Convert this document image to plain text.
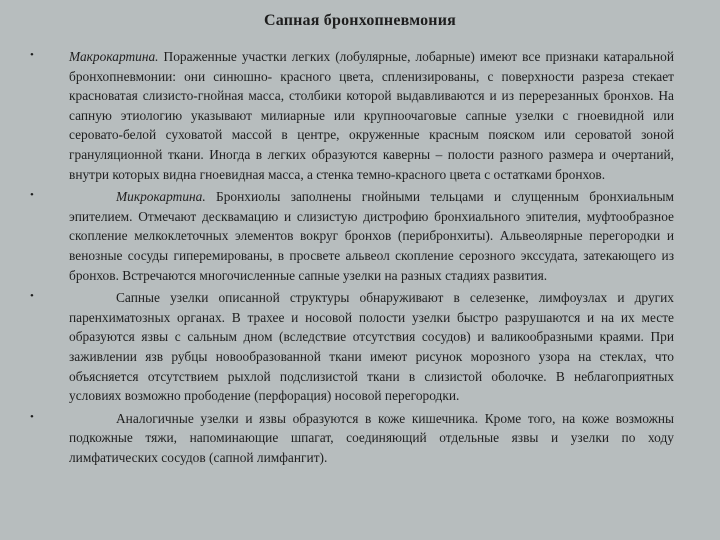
Сапная бронхопневмония
•	Макрокартина. Пораженные участки легких (лобулярные, лобарные) имеют все признаки катаральной бронхопневмонии: они синюшно- красного цвета, спленизированы, с поверхности разреза стекает красноватая слизисто-гнойная масса, столбики которой выдавливаются и из перерезанных бронхов. На сапную этиологию указывают милиарные или крупноочаговые сапные узелки с гноевидной или серовато-белой суховатой массой в центре, окруженные красным пояском или сероватой зоной грануляционной ткани. Иногда в легких образуются каверны – полости разного размера и очертаний, внутри которых видна гноевидная масса, а стенка темно-красного цвета с остатками бронхов.
•	Микрокартина. Бронхиолы заполнены гнойными тельцами и слущенным бронхиальным эпителием. Отмечают десквамацию и слизистую дистрофию бронхиального эпителия, муфтообразное скопление мелкоклеточных элементов вокруг бронхов (перибронхиты). Альвеолярные перегородки и венозные сосуды гиперемированы, в просвете альвеол скопление серозного экссудата, затекающего из бронхов. Встречаются многочисленные сапные узелки на разных стадиях развития.
•	Сапные узелки описанной структуры обнаруживают в селезенке, лимфоузлах и других паренхиматозных органах. В трахее и носовой полости узелки быстро разрушаются и на их месте образуются язвы с сальным дном (вследствие отсутствия сосудов) и валикообразными краями. При заживлении язв рубцы новообразованной ткани имеют рисунок морозного узора на стеклах, что объясняется отсутствием рыхлой подслизистой ткани в слизистой оболочке. В неблагоприятных условиях возможно прободение (перфорация) носовой перегородки.
•	Аналогичные узелки и язвы образуются в коже кишечника. Кроме того, на коже возможны подкожные тяжи, напоминающие шпагат, соединяющий отдельные язвы и узелки по ходу лимфатических сосудов (сапной лимфангит).
